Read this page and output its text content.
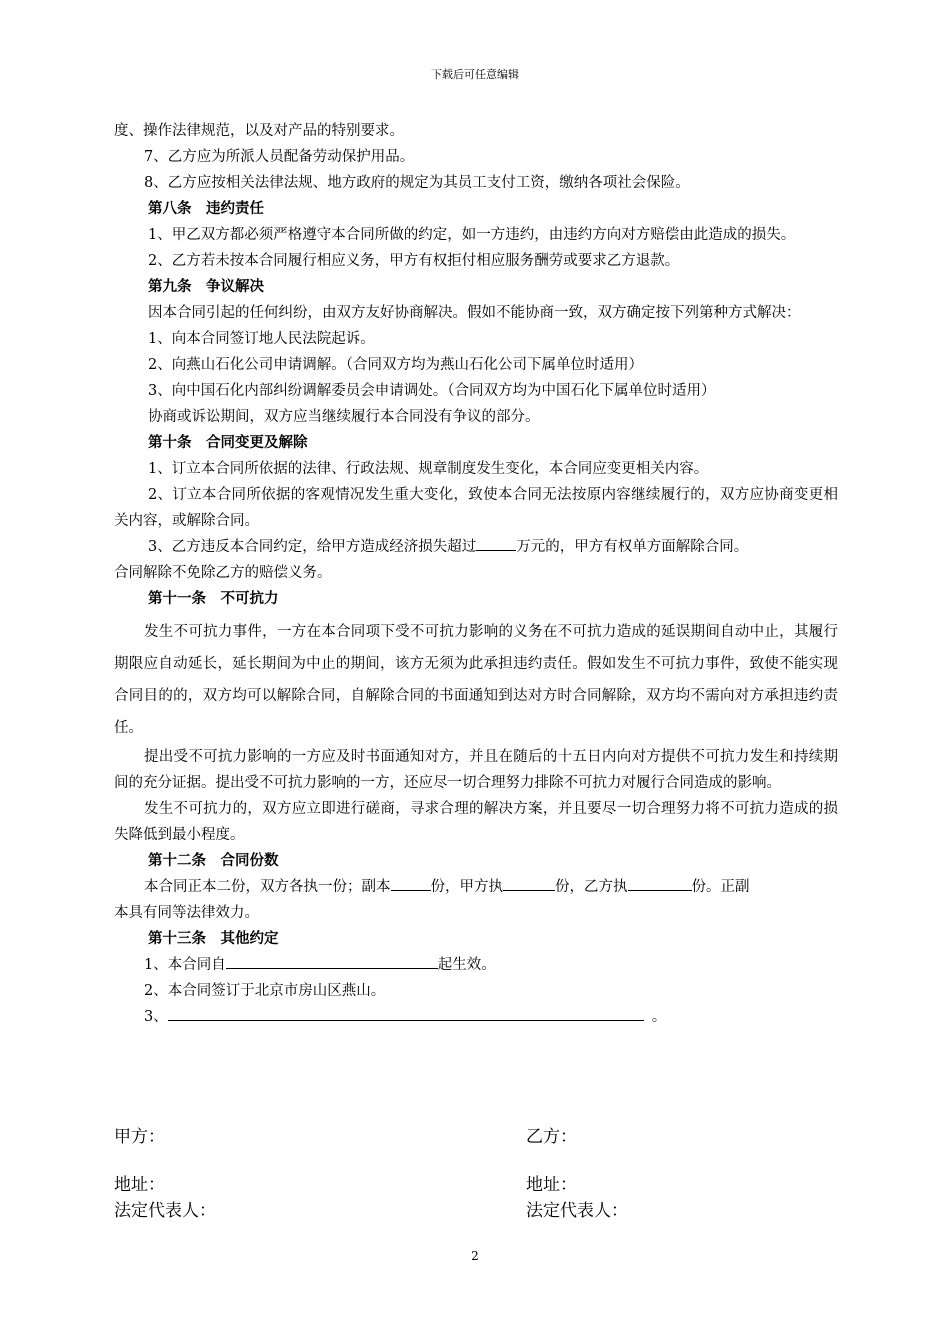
下载后可任意编辑
度、操作法律规范，以及对产品的特别要求。
7、乙方应为所派人员配备劳动保护用品。
8、乙方应按相关法律法规、地方政府的规定为其员工支付工资，缴纳各项社会保险。
第八条　违约责任
1、甲乙双方都必须严格遵守本合同所做的约定，如一方违约，由违约方向对方赔偿由此造成的损失。
2、乙方若未按本合同履行相应义务，甲方有权拒付相应服务酬劳或要求乙方退款。
第九条　争议解决
因本合同引起的任何纠纷，由双方友好协商解决。假如不能协商一致，双方确定按下列第种方式解决：
1、向本合同签订地人民法院起诉。
2、向燕山石化公司申请调解。（合同双方均为燕山石化公司下属单位时适用）
3、向中国石化内部纠纷调解委员会申请调处。（合同双方均为中国石化下属单位时适用）
协商或诉讼期间，双方应当继续履行本合同没有争议的部分。
第十条　合同变更及解除
1、订立本合同所依据的法律、行政法规、规章制度发生变化，本合同应变更相关内容。
2、订立本合同所依据的客观情况发生重大变化，致使本合同无法按原内容继续履行的，双方应协商变更相关内容，或解除合同。
3、乙方违反本合同约定，给甲方造成经济损失超过	万元的，甲方有权单方面解除合同。
合同解除不免除乙方的赔偿义务。
第十一条　不可抗力
发生不可抗力事件，一方在本合同项下受不可抗力影响的义务在不可抗力造成的延误期间自动中止，其履行期限应自动延长，延长期间为中止的期间，该方无须为此承担违约责任。假如发生不可抗力事件，致使不能实现合同目的的，双方均可以解除合同，自解除合同的书面通知到达对方时合同解除，双方均不需向对方承担违约责任。
提出受不可抗力影响的一方应及时书面通知对方，并且在随后的十五日内向对方提供不可抗力发生和持续期间的充分证据。提出受不可抗力影响的一方，还应尽一切合理努力排除不可抗力对履行合同造成的影响。
发生不可抗力的，双方应立即进行磋商，寻求合理的解决方案，并且要尽一切合理努力将不可抗力造成的损失降低到最小程度。
第十二条　合同份数
本合同正本二份，双方各执一份；副本	份，甲方执	份，乙方执	份。正副
本具有同等法律效力。
第十三条　其他约定
1、本合同自	起生效。
2、本合同签订于北京市房山区燕山。
3、	。
甲方：	乙方：
地址：	地址：
法定代表人：	法定代表人：
2
